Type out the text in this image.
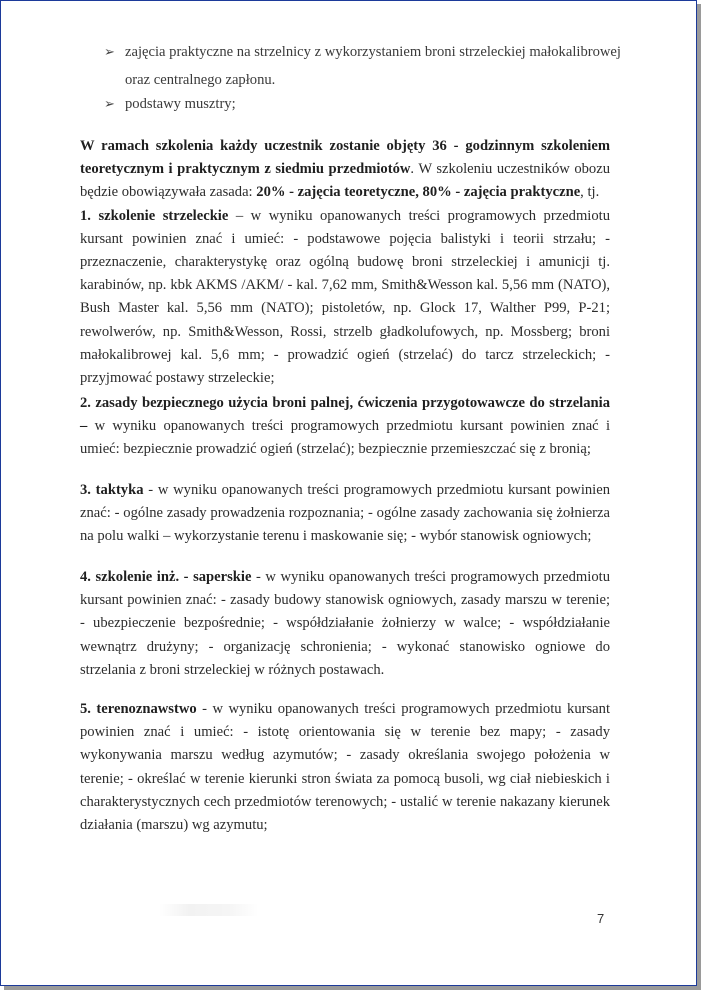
➢ zajęcia praktyczne na strzelnicy z wykorzystaniem broni strzeleckiej małokalibrowej
oraz centralnego zapłonu.
➢ podstawy musztry;
W ramach szkolenia każdy uczestnik zostanie objęty 36 - godzinnym szkoleniem teoretycznym i praktycznym z siedmiu przedmiotów. W szkoleniu uczestników obozu będzie obowiązywała zasada: 20% - zajęcia teoretyczne, 80% - zajęcia praktyczne, tj.
1. szkolenie strzeleckie – w wyniku opanowanych treści programowych przedmiotu kursant powinien znać i umieć: - podstawowe pojęcia balistyki i teorii strzału; - przeznaczenie, charakterystykę oraz ogólną budowę broni strzeleckiej i amunicji tj. karabinów, np. kbk AKMS /AKM/ - kal. 7,62 mm, Smith&Wesson kal. 5,56 mm (NATO), Bush Master kal. 5,56 mm (NATO); pistoletów, np. Glock 17, Walther P99, P-21; rewolwerów, np. Smith&Wesson, Rossi, strzelb gładkolufowych, np. Mossberg; broni małokalibrowej kal. 5,6 mm; - prowadzić ogień (strzelać) do tarcz strzeleckich; - przyjmować postawy strzeleckie;
2. zasady bezpiecznego użycia broni palnej, ćwiczenia przygotowawcze do strzelania – w wyniku opanowanych treści programowych przedmiotu kursant powinien znać i umieć: bezpiecznie prowadzić ogień (strzelać); bezpiecznie przemieszczać się z bronią;
3. taktyka - w wyniku opanowanych treści programowych przedmiotu kursant powinien znać: - ogólne zasady prowadzenia rozpoznania; - ogólne zasady zachowania się żołnierza na polu walki – wykorzystanie terenu i maskowanie się; - wybór stanowisk ogniowych;
4. szkolenie inż. - saperskie - w wyniku opanowanych treści programowych przedmiotu kursant powinien znać: - zasady budowy stanowisk ogniowych, zasady marszu w terenie; - ubezpieczenie bezpośrednie; - współdziałanie żołnierzy w walce; - współdziałanie wewnątrz drużyny; - organizację schronienia; - wykonać stanowisko ogniowe do strzelania z broni strzeleckiej w różnych postawach.
5. terenoznawstwo - w wyniku opanowanych treści programowych przedmiotu kursant powinien znać i umieć: - istotę orientowania się w terenie bez mapy; - zasady wykonywania marszu według azymutów; - zasady określania swojego położenia w terenie; - określać w terenie kierunki stron świata za pomocą busoli, wg ciał niebieskich i charakterystycznych cech przedmiotów terenowych; - ustalić w terenie nakazany kierunek działania (marszu) wg azymutu;
7
